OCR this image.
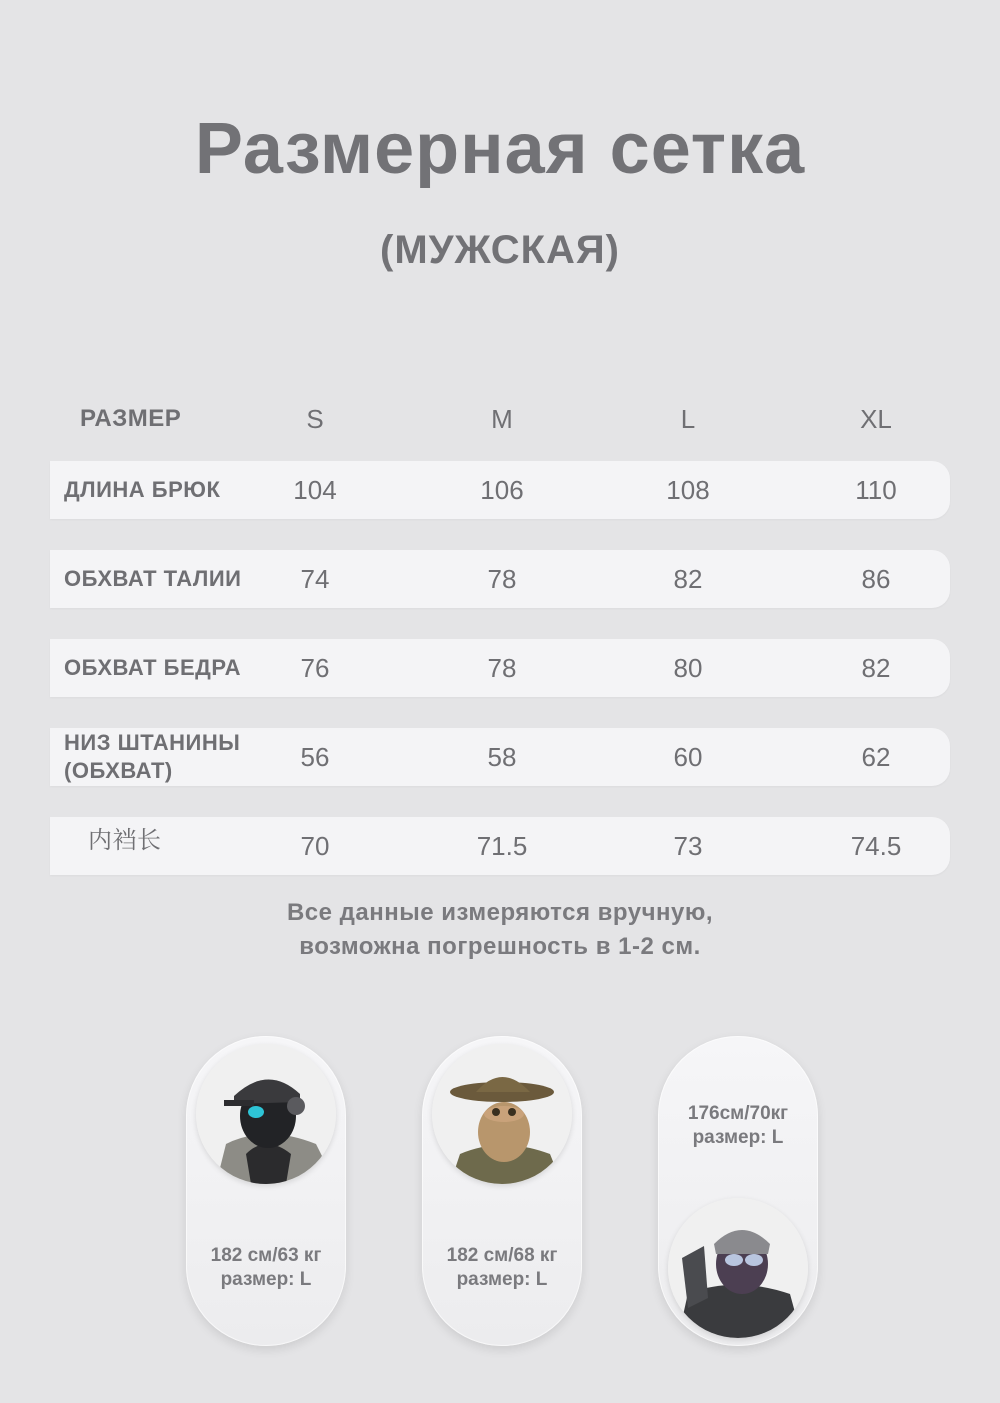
Размерная сетка
(МУЖСКАЯ)
РАЗМЕР	S	M	L	XL
ДЛИНА БРЮК	104	106	108	110
ОБХВАТ ТАЛИИ	74	78	82	86
ОБХВАТ БЕДРА	76	78	80	82
НИЗ ШТАНИНЫ (ОБХВАТ)	56	58	60	62
内裆长	70	71.5	73	74.5
Все данные измеряются вручную,
возможна погрешность в 1-2 см.
182 см/63 кг
размер: L
182 см/68 кг
размер: L
176см/70кг
размер: L
